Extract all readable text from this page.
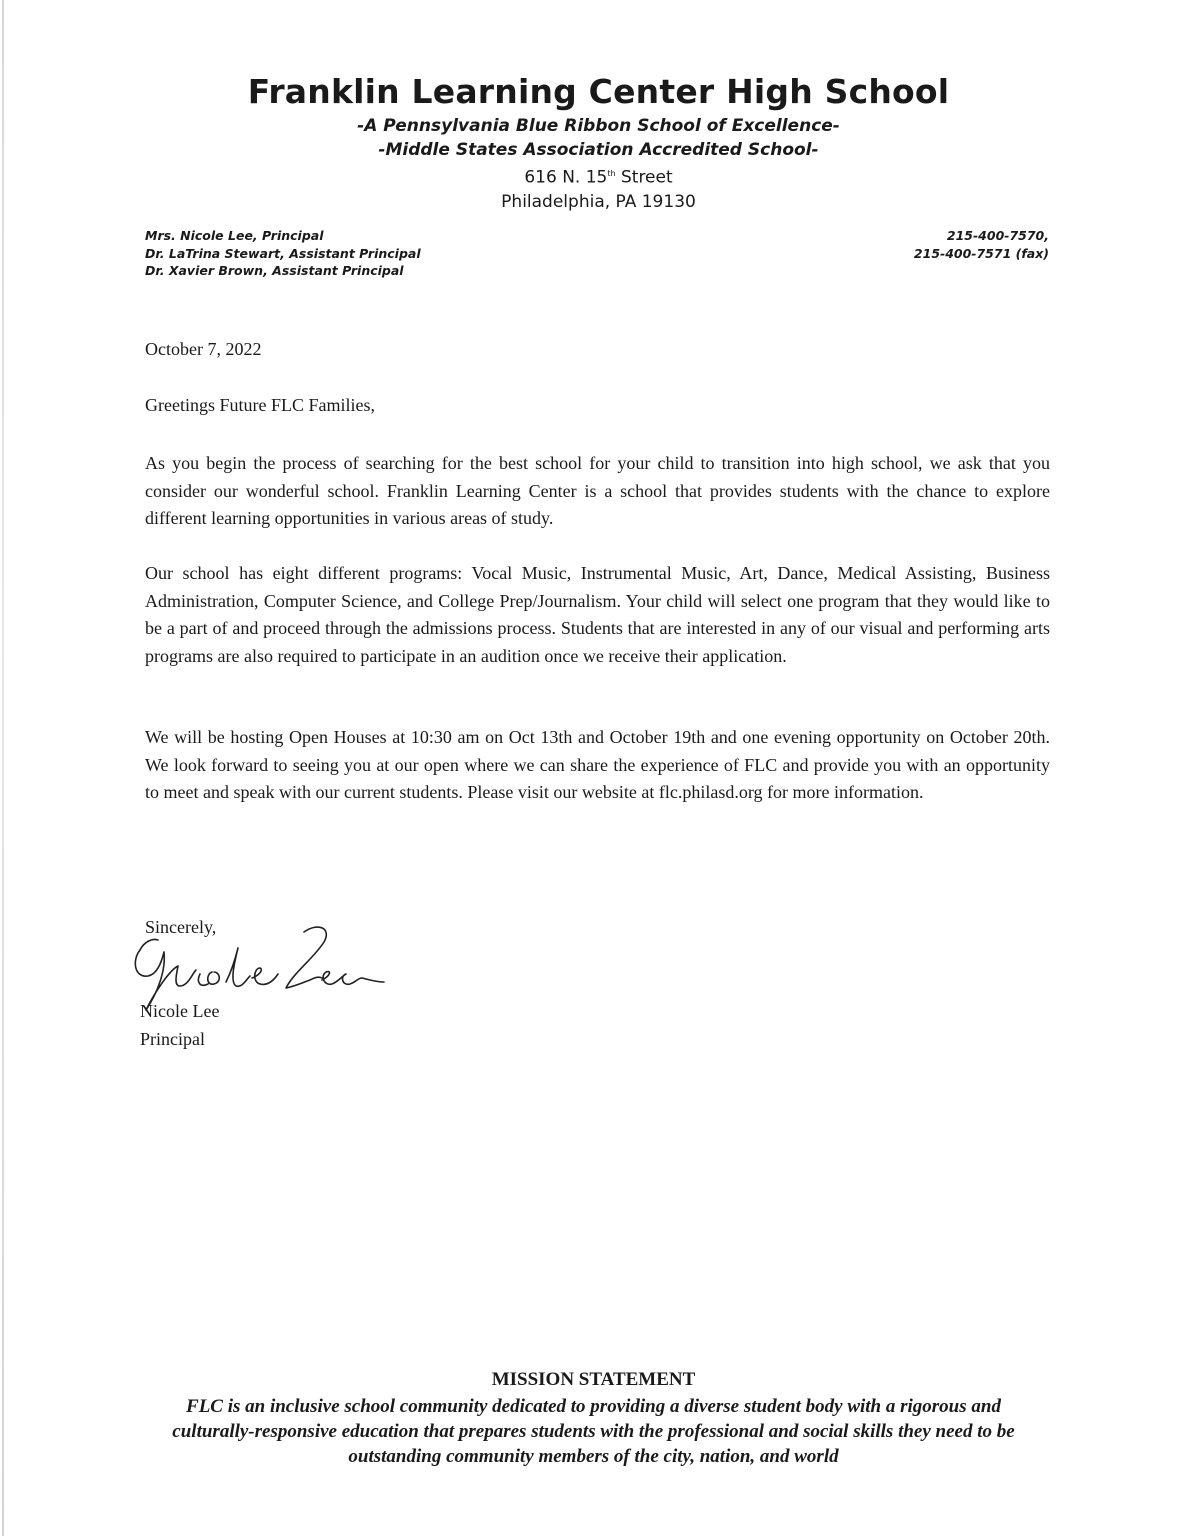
Franklin Learning Center High School
-A Pennsylvania Blue Ribbon School of Excellence-
-Middle States Association Accredited School-
616 N. 15th Street
Philadelphia, PA 19130
Mrs. Nicole Lee, Principal
Dr. LaTrina Stewart, Assistant Principal
Dr. Xavier Brown, Assistant Principal
215-400-7570,
215-400-7571 (fax)
October 7, 2022
Greetings Future FLC Families,
As you begin the process of searching for the best school for your child to transition into high school, we ask that you consider our wonderful school. Franklin Learning Center is a school that provides students with the chance to explore different learning opportunities in various areas of study.
Our school has eight different programs: Vocal Music, Instrumental Music, Art, Dance, Medical Assisting, Business Administration, Computer Science, and College Prep/Journalism. Your child will select one program that they would like to be a part of and proceed through the admissions process. Students that are interested in any of our visual and performing arts programs are also required to participate in an audition once we receive their application.
We will be hosting Open Houses at 10:30 am on Oct 13th and October 19th and one evening opportunity on October 20th. We look forward to seeing you at our open where we can share the experience of FLC and provide you with an opportunity to meet and speak with our current students. Please visit our website at flc.philasd.org for more information.
Sincerely,
Nicole Lee
Principal
MISSION STATEMENT
FLC is an inclusive school community dedicated to providing a diverse student body with a rigorous and culturally-responsive education that prepares students with the professional and social skills they need to be outstanding community members of the city, nation, and world
